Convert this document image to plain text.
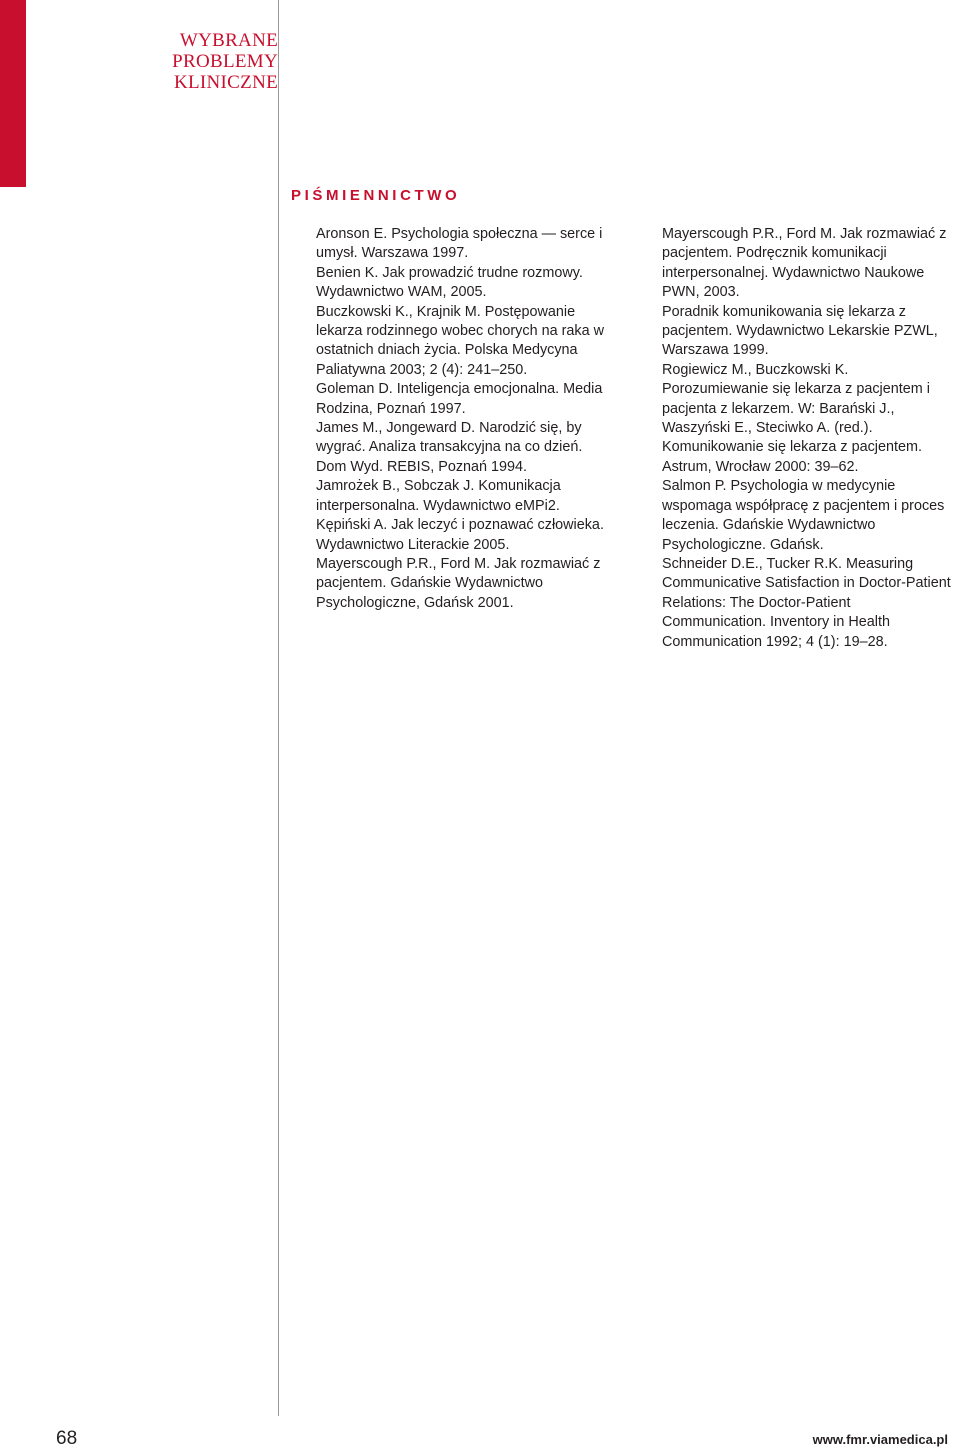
WYBRANE
PROBLEMY
KLINICZNE
PIŚMIENNICTWO

Aronson E. Psychologia społeczna — serce i umysł. Warszawa 1997.

Benien K. Jak prowadzić trudne rozmowy. Wydawnictwo WAM, 2005.

Buczkowski K., Krajnik M. Postępowanie lekarza rodzinnego wobec chorych na raka w ostatnich dniach życia. Polska Medycyna Paliatywna 2003; 2 (4): 241–250.

Goleman D. Inteligencja emocjonalna. Media Rodzina, Poznań 1997.

James M., Jongeward D. Narodzić się, by wygrać. Analiza transakcyjna na co dzień. Dom Wyd. REBIS, Poznań 1994.

Jamrożek B., Sobczak J. Komunikacja interpersonalna. Wydawnictwo eMPi2.

Kępiński A. Jak leczyć i poznawać człowieka. Wydawnictwo Literackie 2005.

Mayerscough P.R., Ford M. Jak rozmawiać z pacjentem. Gdańskie Wydawnictwo Psychologiczne, Gdańsk 2001.

Mayerscough P.R., Ford M. Jak rozmawiać z pacjentem. Podręcznik komunikacji interpersonalnej. Wydawnictwo Naukowe PWN, 2003.

Poradnik komunikowania się lekarza z pacjentem. Wydawnictwo Lekarskie PZWL, Warszawa 1999.

Rogiewicz M., Buczkowski K. Porozumiewanie się lekarza z pacjentem i pacjenta z lekarzem. W: Barański J., Waszyński E., Steciwko A. (red.). Komunikowanie się lekarza z pacjentem. Astrum, Wrocław 2000: 39–62.

Salmon P. Psychologia w medycynie wspomaga współpracę z pacjentem i proces leczenia. Gdańskie Wydawnictwo Psychologiczne. Gdańsk.

Schneider D.E., Tucker R.K. Measuring Communicative Satisfaction in Doctor-Patient Relations: The Doctor-Patient Communication. Inventory in Health Communication 1992; 4 (1): 19–28.

68	www.fmr.viamedica.pl
